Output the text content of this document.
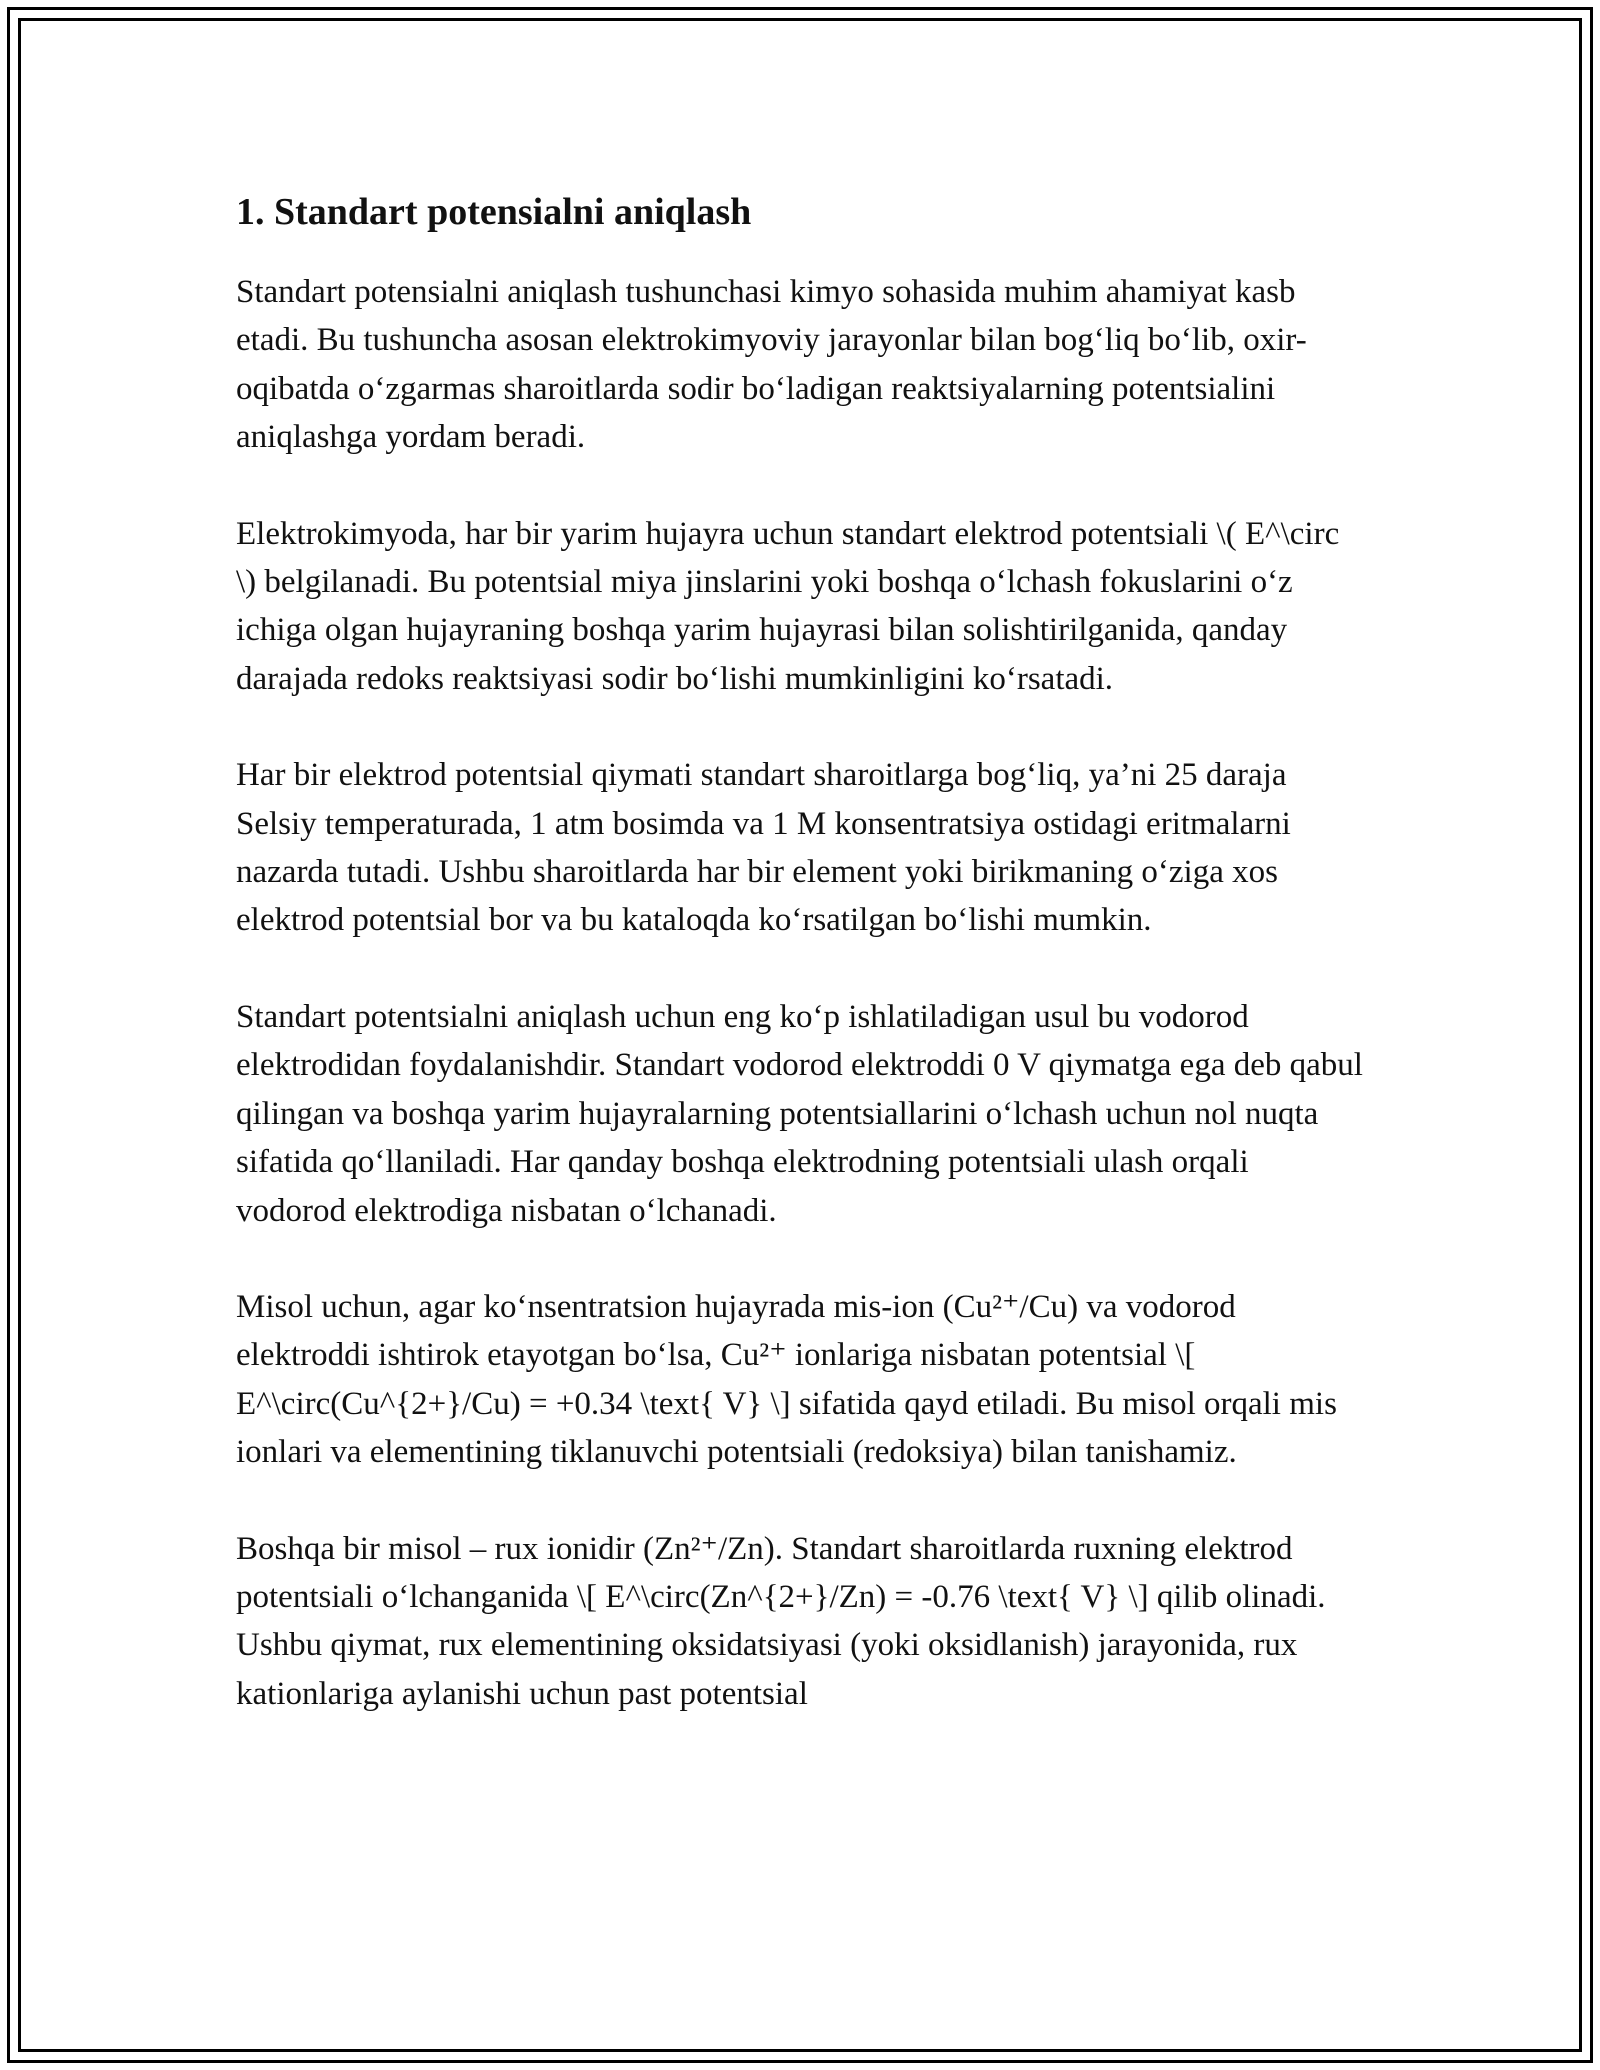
1. Standart potensialni aniqlash

Standart potensialni aniqlash tushunchasi kimyo sohasida muhim ahamiyat kasb etadi. Bu tushuncha asosan elektrokimyoviy jarayonlar bilan bog‘liq bo‘lib, oxir-oqibatda o‘zgarmas sharoitlarda sodir bo‘ladigan reaktsiyalarning potentsialini aniqlashga yordam beradi.

Elektrokimyoda, har bir yarim hujayra uchun standart elektrod potentsiali \( E^\circ \) belgilanadi. Bu potentsial miya jinslarini yoki boshqa o‘lchash fokuslarini o‘z ichiga olgan hujayraning boshqa yarim hujayrasi bilan solishtirilganida, qanday darajada redoks reaktsiyasi sodir bo‘lishi mumkinligini ko‘rsatadi.

Har bir elektrod potentsial qiymati standart sharoitlarga bog‘liq, ya’ni 25 daraja Selsiy temperaturada, 1 atm bosimda va 1 M konsentratsiya ostidagi eritmalarni nazarda tutadi. Ushbu sharoitlarda har bir element yoki birikmaning o‘ziga xos elektrod potentsial bor va bu kataloqda ko‘rsatilgan bo‘lishi mumkin.

Standart potentsialni aniqlash uchun eng ko‘p ishlatiladigan usul bu vodorod elektrodidan foydalanishdir. Standart vodorod elektroddi 0 V qiymatga ega deb qabul qilingan va boshqa yarim hujayralarning potentsiallarini o‘lchash uchun nol nuqta sifatida qo‘llaniladi. Har qanday boshqa elektrodning potentsiali ulash orqali vodorod elektrodiga nisbatan o‘lchanadi.

Misol uchun, agar ko‘nsentratsion hujayrada mis-ion (Cu²⁺/Cu) va vodorod elektroddi ishtirok etayotgan bo‘lsa, Cu²⁺ ionlariga nisbatan potentsial \[ E^\circ(Cu^{2+}/Cu) = +0.34 \text{ V} \] sifatida qayd etiladi. Bu misol orqali mis ionlari va elementining tiklanuvchi potentsiali (redoksiya) bilan tanishamiz.

Boshqa bir misol – rux ionidir (Zn²⁺/Zn). Standart sharoitlarda ruxning elektrod potentsiali o‘lchanganida \[ E^\circ(Zn^{2+}/Zn) = -0.76 \text{ V} \] qilib olinadi. Ushbu qiymat, rux elementining oksidatsiyasi (yoki oksidlanish) jarayonida, rux kationlariga aylanishi uchun past potentsial
